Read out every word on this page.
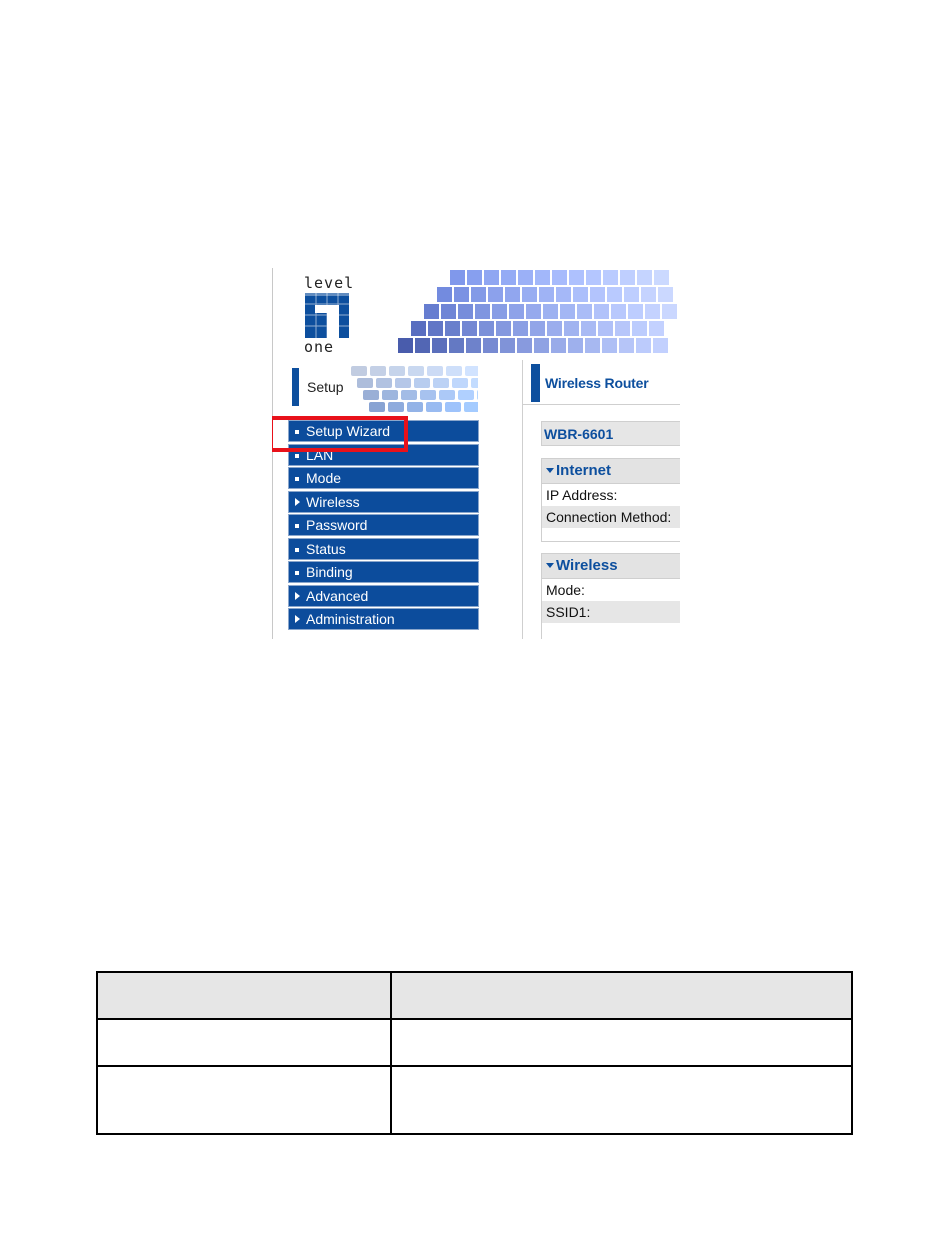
level
one
Setup
Setup Wizard
LAN
Mode
Wireless
Password
Status
Binding
Advanced
Administration
Wireless Router
WBR-6601
Internet
IP Address:
Connection Method:
Wireless
Mode:
SSID1:
